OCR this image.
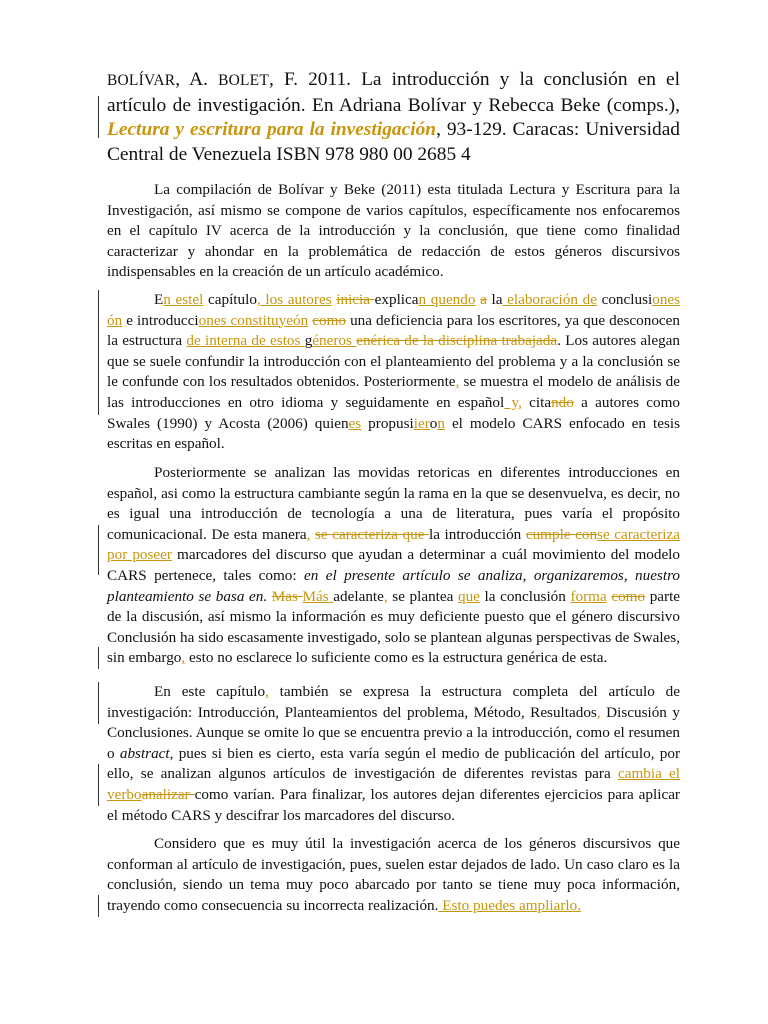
BOLÍVAR, A. BOLET, F. 2011. La introducción y la conclusión en el artículo de investigación. En Adriana Bolívar y Rebecca Beke (comps.), Lectura y escritura para la investigación, 93-129. Caracas: Universidad Central de Venezuela ISBN 978 980 00 2685 4

La compilación de Bolívar y Beke (2011) esta titulada Lectura y Escritura para la Investigación, así mismo se compone de varios capítulos, específicamente nos enfocaremos en el capítulo IV acerca de la introducción y la conclusión, que tiene como finalidad caracterizar y ahondar en la problemática de redacción de estos géneros discursivos indispensables en la creación de un artículo académico.

En estel capítulo, los autores inicia explican quendo a la elaboración de conclusiones ón e introducciones constituyeón como una deficiencia para los escritores, ya que desconocen la estructura de interna de estos géneros enérica de la disciplina trabajada. Los autores alegan que se suele confundir la introducción con el planteamiento del problema y a la conclusión se le confunde con los resultados obtenidos. Posteriormente, se muestra el modelo de análisis de las introducciones en otro idioma y seguidamente en español y, citando a autores como Swales (1990) y Acosta (2006) quienes propusiieron el modelo CARS enfocado en tesis escritas en español.

Posteriormente se analizan las movidas retoricas en diferentes introducciones en español, asi como la estructura cambiante según la rama en la que se desenvuelva, es decir, no es igual una introducción de tecnología a una de literatura, pues varía el propósito comunicacional. De esta manera, se caracteriza que la introducción cumple conse caracteriza por poseer marcadores del discurso que ayudan a determinar a cuál movimiento del modelo CARS pertenece, tales como: en el presente artículo se analiza, organizaremos, nuestro planteamiento se basa en. Mas Más adelante, se plantea que la conclusión forma como parte de la discusión, así mismo la información es muy deficiente puesto que el género discursivo Conclusión ha sido escasamente investigado, solo se plantean algunas perspectivas de Swales, sin embargo, esto no esclarece lo suficiente como es la estructura genérica de esta.

En este capítulo, también se expresa la estructura completa del artículo de investigación: Introducción, Planteamientos del problema, Método, Resultados, Discusión y Conclusiones. Aunque se omite lo que se encuentra previo a la introducción, como el resumen o abstract, pues si bien es cierto, esta varía según el medio de publicación del artículo, por ello, se analizan algunos artículos de investigación de diferentes revistas para cambia el verboanalizar como varían. Para finalizar, los autores dejan diferentes ejercicios para aplicar el método CARS y descifrar los marcadores del discurso.

Considero que es muy útil la investigación acerca de los géneros discursivos que conforman al artículo de investigación, pues, suelen estar dejados de lado. Un caso claro es la conclusión, siendo un tema muy poco abarcado por tanto se tiene muy poca información, trayendo como consecuencia su incorrecta realización. Esto puedes ampliarlo.
